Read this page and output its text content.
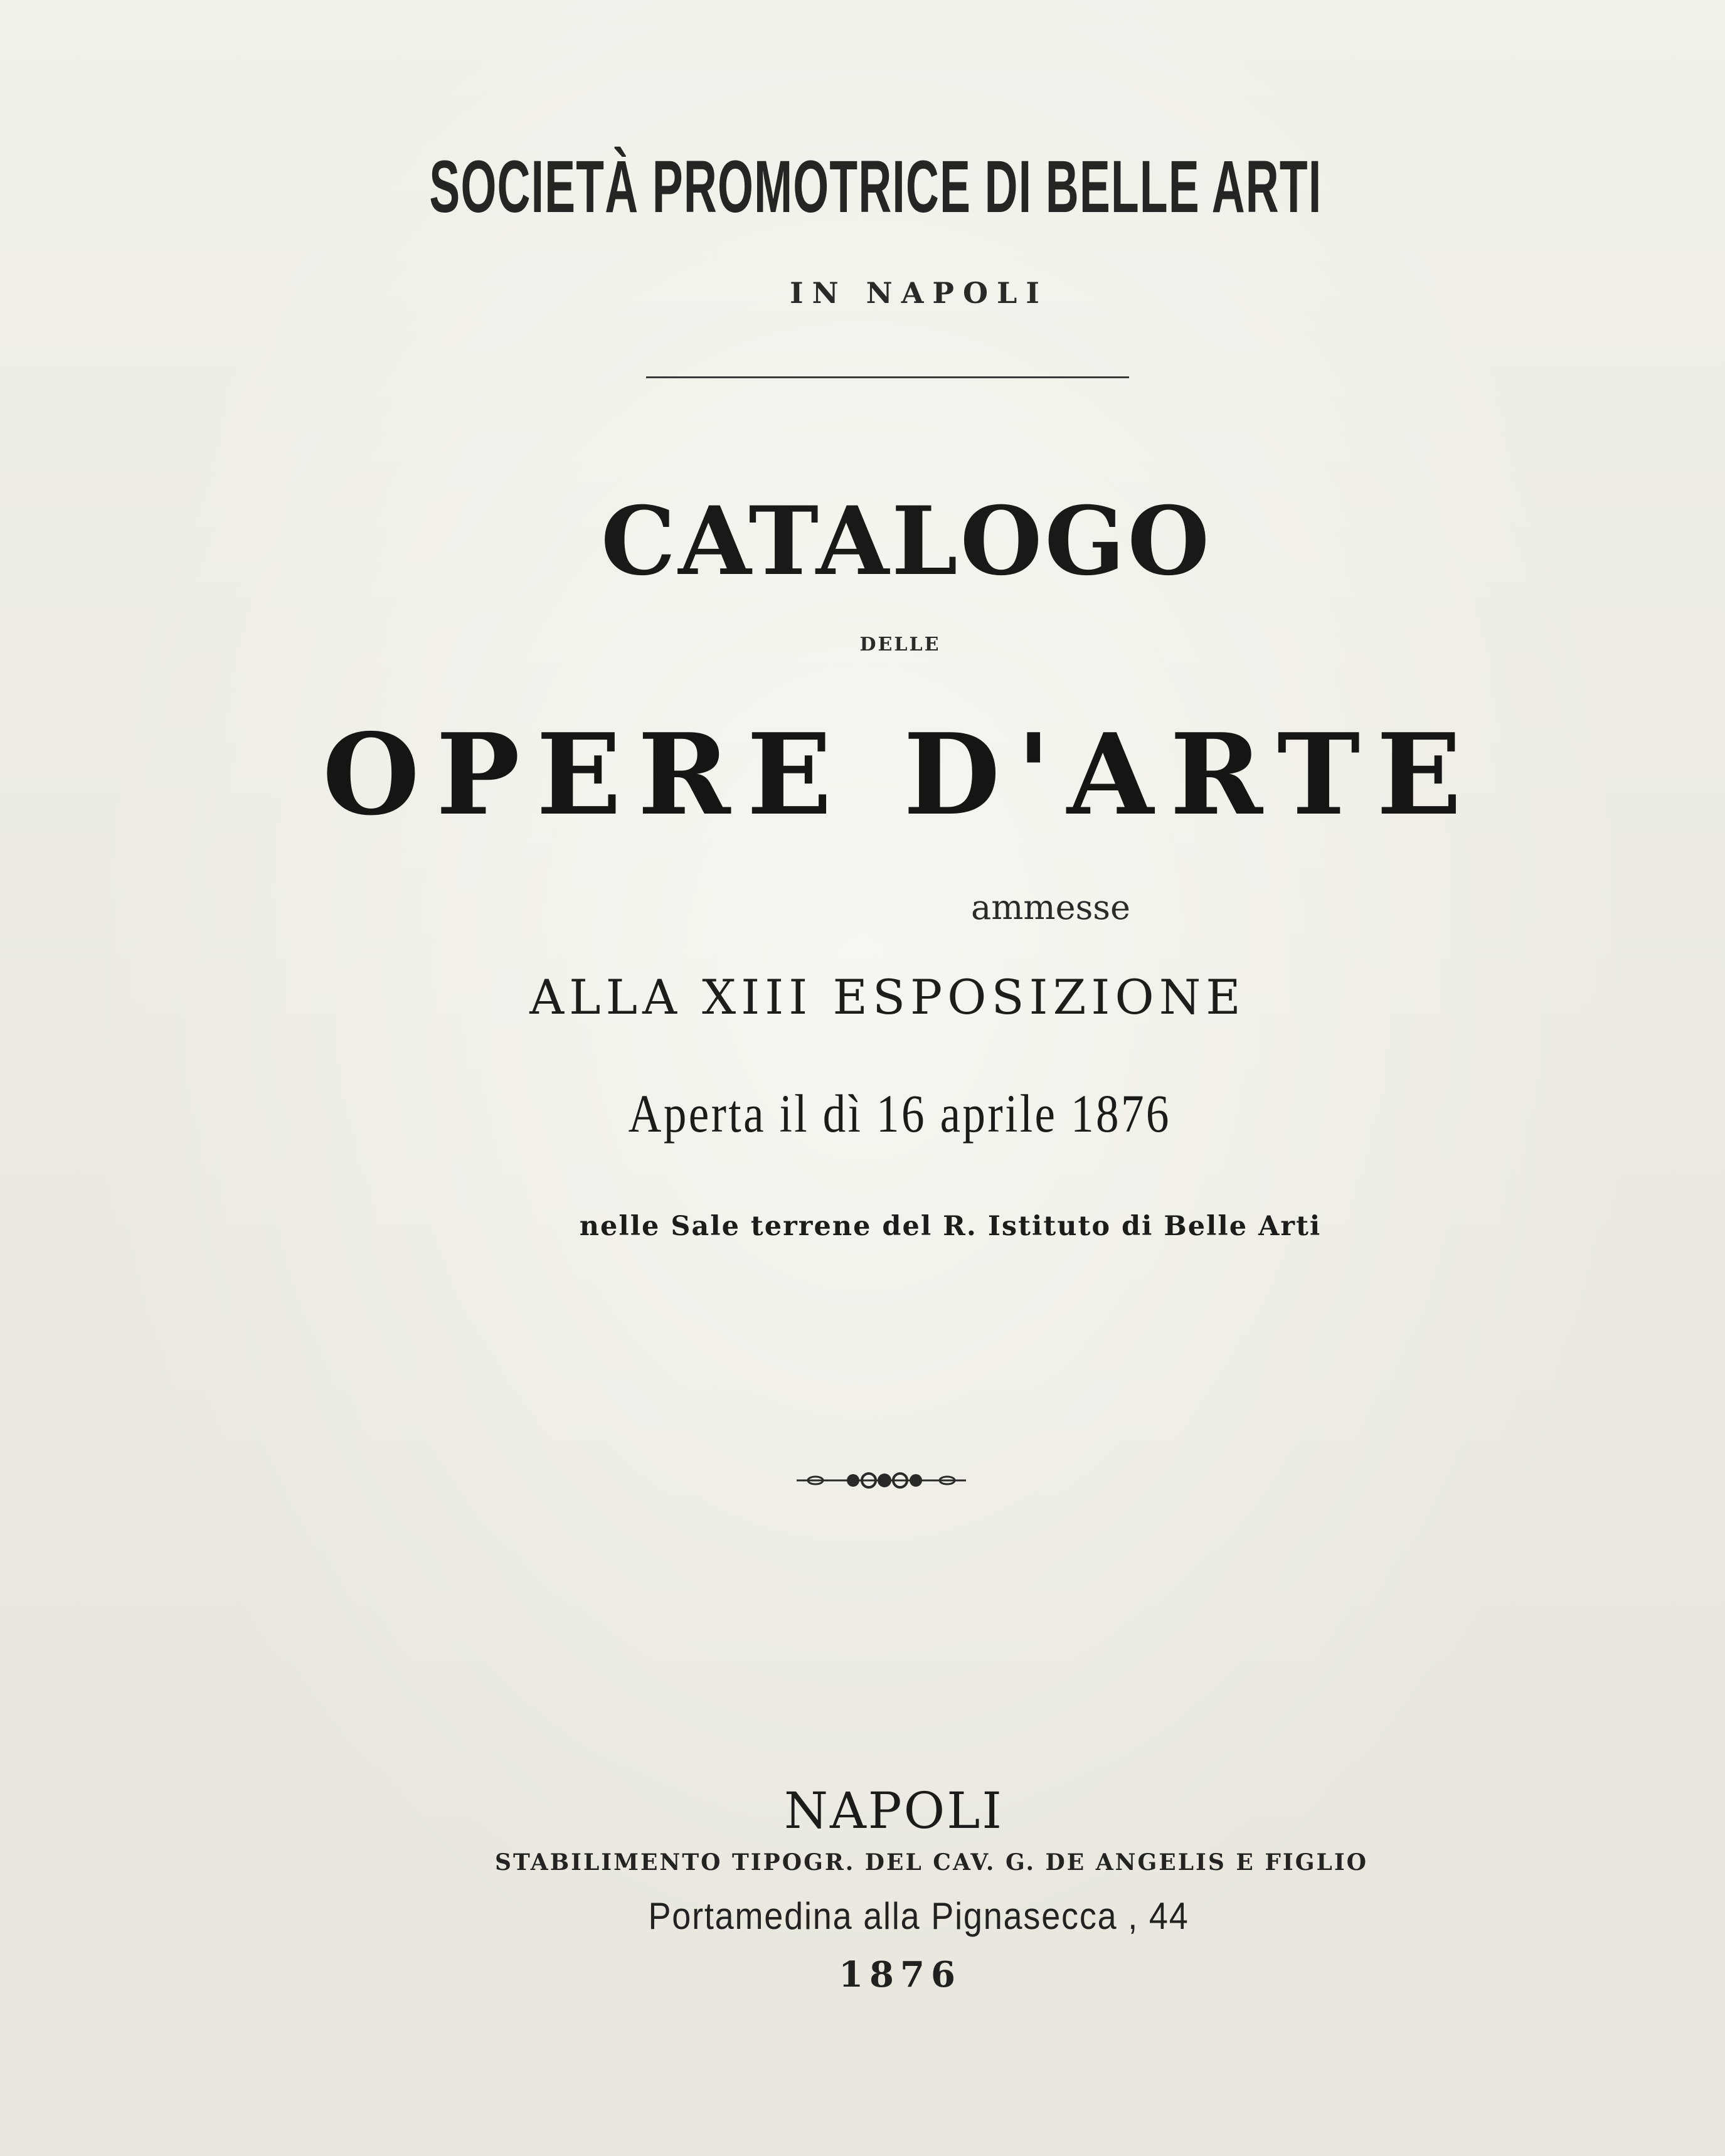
SOCIETÀ PROMOTRICE DI BELLE ARTI
IN NAPOLI
CATALOGO
DELLE
OPERE D'ARTE
ammesse
ALLA XIII ESPOSIZIONE
Aperta il dì 16 aprile 1876
nelle Sale terrene del R. Istituto di Belle Arti
NAPOLI
STABILIMENTO TIPOGR. DEL CAV. G. DE ANGELIS E FIGLIO
Portamedina alla Pignasecca , 44
1876
